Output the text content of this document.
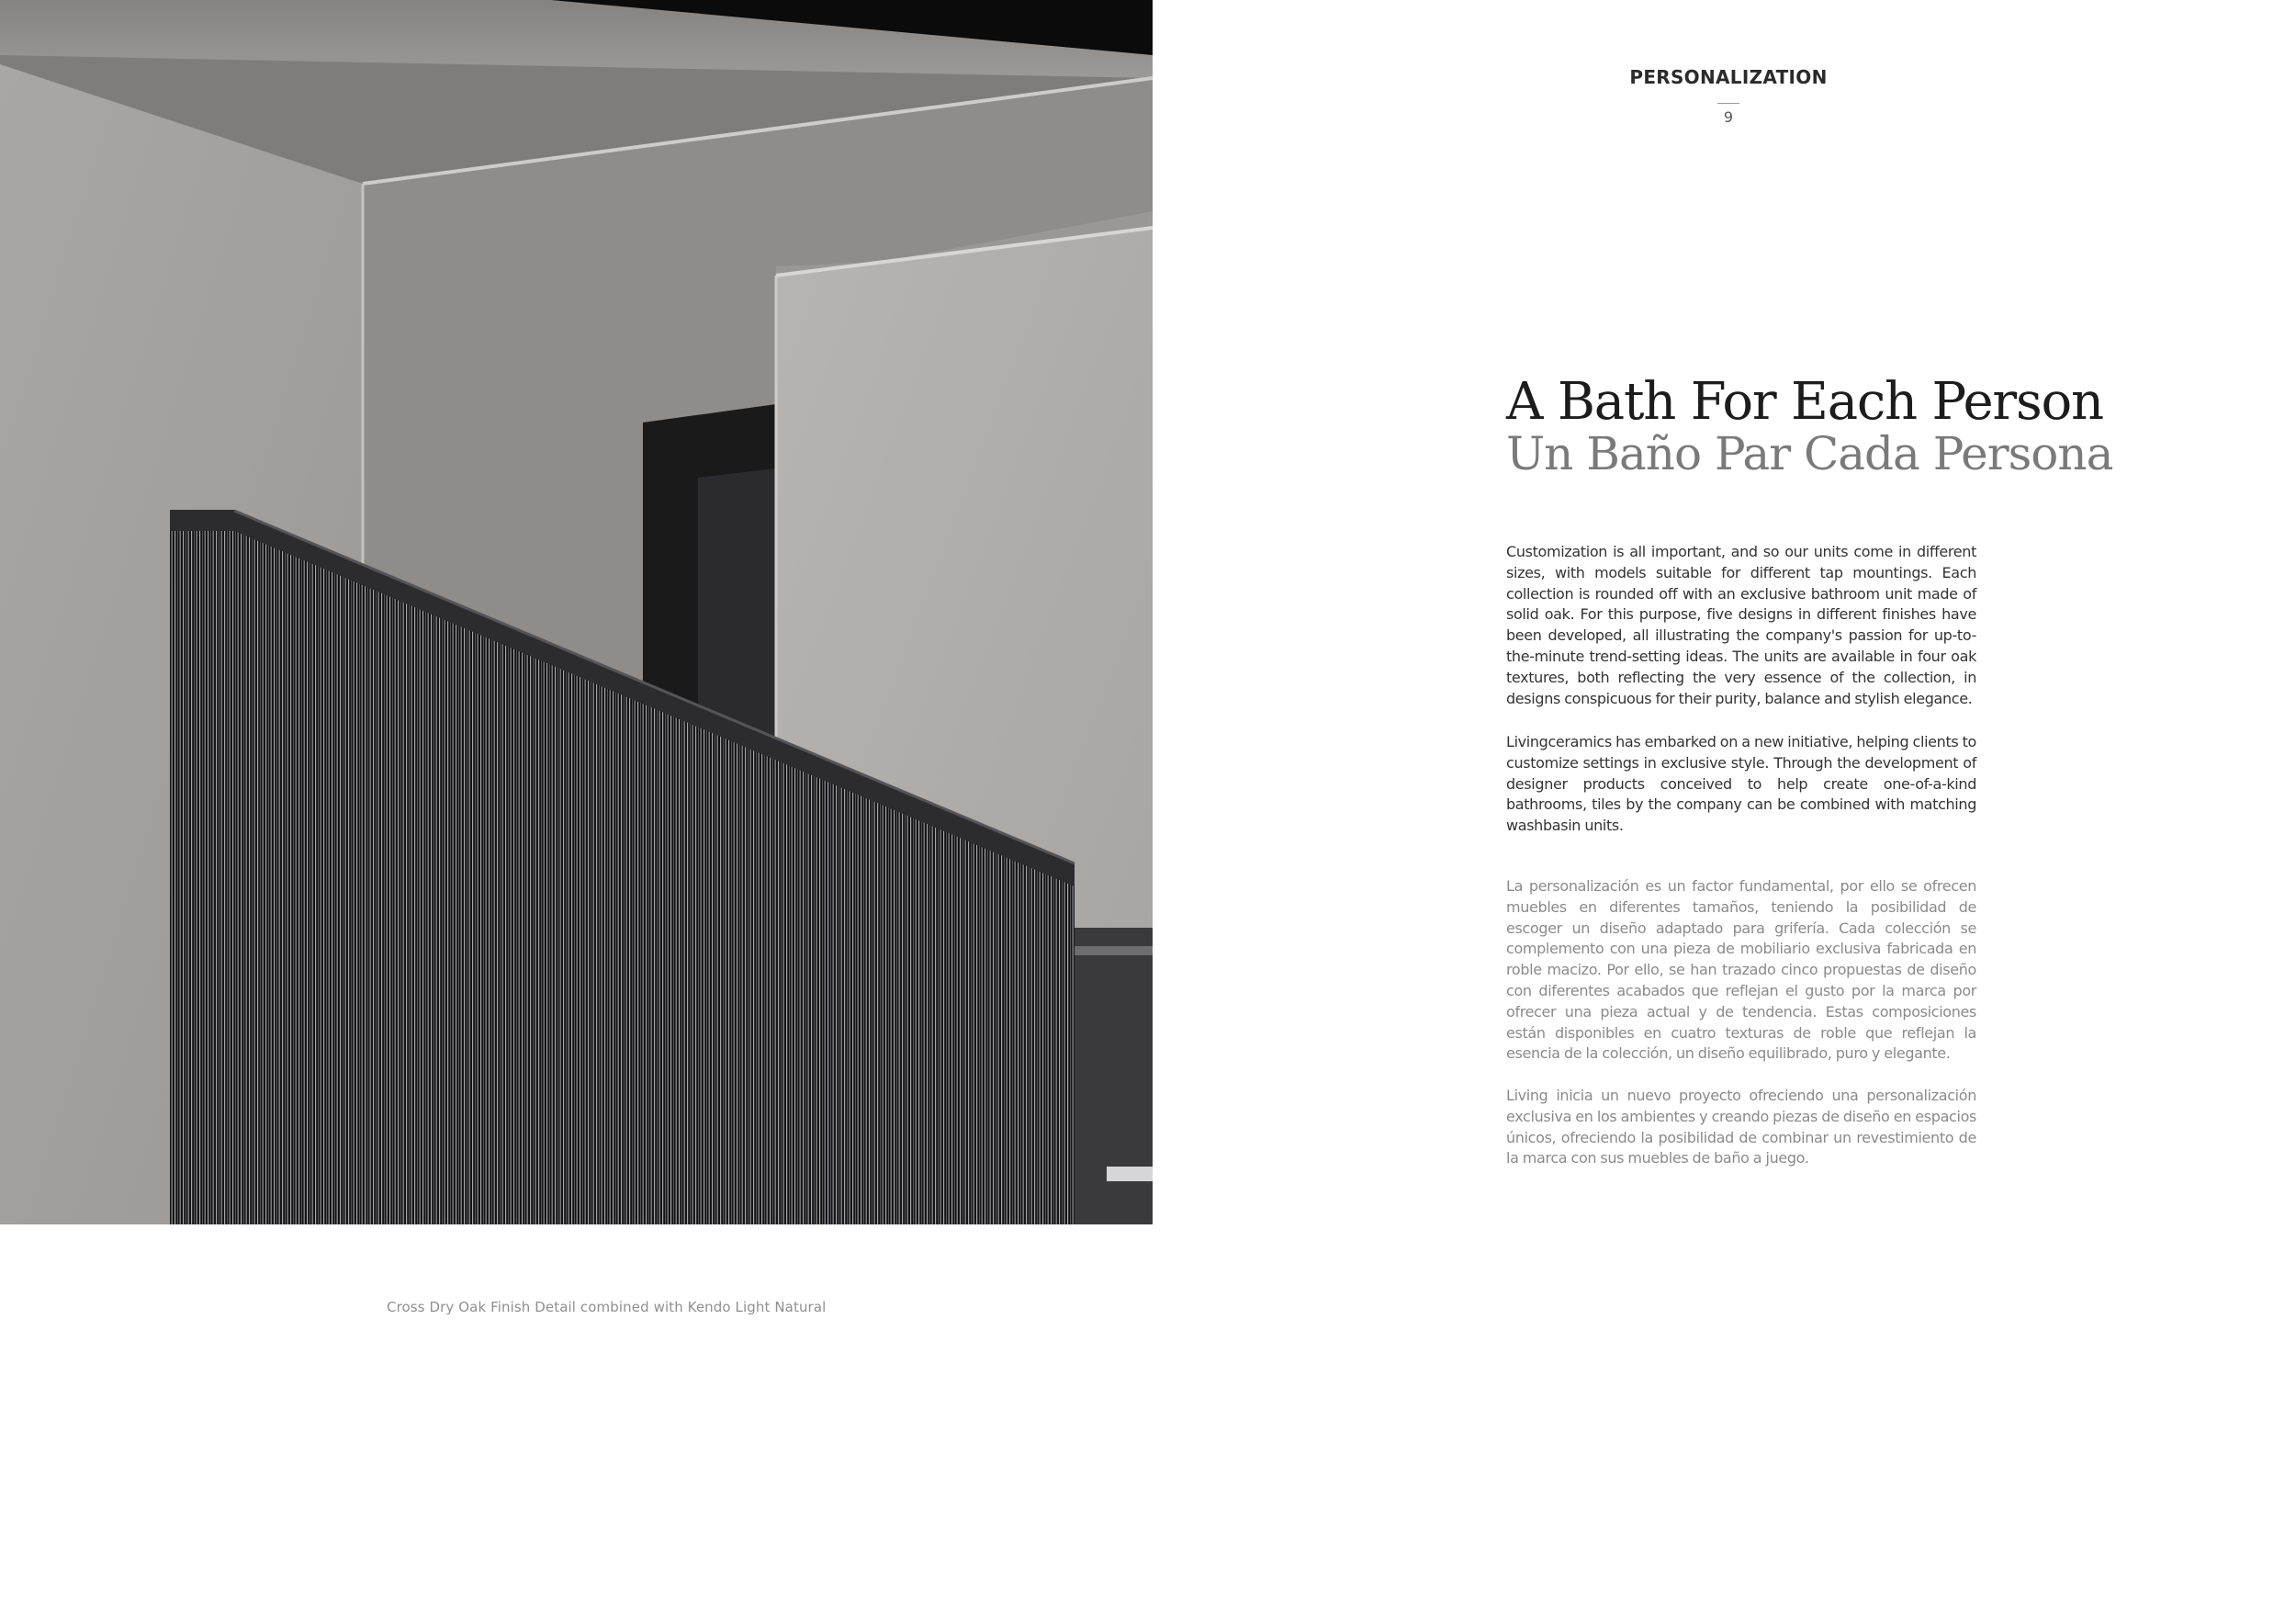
Cross Dry Oak Finish Detail combined with Kendo Light Natural
PERSONALIZATION
9
A Bath For Each Person
Un Baño Par Cada Persona

Customization is all important, and so our units come in different sizes, with models suitable for different tap mountings. Each collection is rounded off with an exclusive bathroom unit made of solid oak. For this purpose, five designs in different finishes have been developed, all illustrating the company's passion for up-to-the-minute trend-setting ideas. The units are available in four oak textures, both reflecting the very essence of the collection, in designs conspicuous for their purity, balance and stylish elegance.

Livingceramics has embarked on a new initiative, helping clients to customize settings in exclusive style. Through the development of designer products conceived to help create one-of-a-kind bathrooms, tiles by the company can be combined with matching washbasin units.

La personalización es un factor fundamental, por ello se ofrecen muebles en diferentes tamaños, teniendo la posibilidad de escoger un diseño adaptado para grifería. Cada colección se complemento con una pieza de mobiliario exclusiva fabricada en roble macizo. Por ello, se han trazado cinco propuestas de diseño con diferentes acabados que reflejan el gusto por la marca por ofrecer una pieza actual y de tendencia. Estas composiciones están disponibles en cuatro texturas de roble que reflejan la esencia de la colección, un diseño equilibrado, puro y elegante.

Living inicia un nuevo proyecto ofreciendo una personalización exclusiva en los ambientes y creando piezas de diseño en espacios únicos, ofreciendo la posibilidad de combinar un revestimiento de la marca con sus muebles de baño a juego.
